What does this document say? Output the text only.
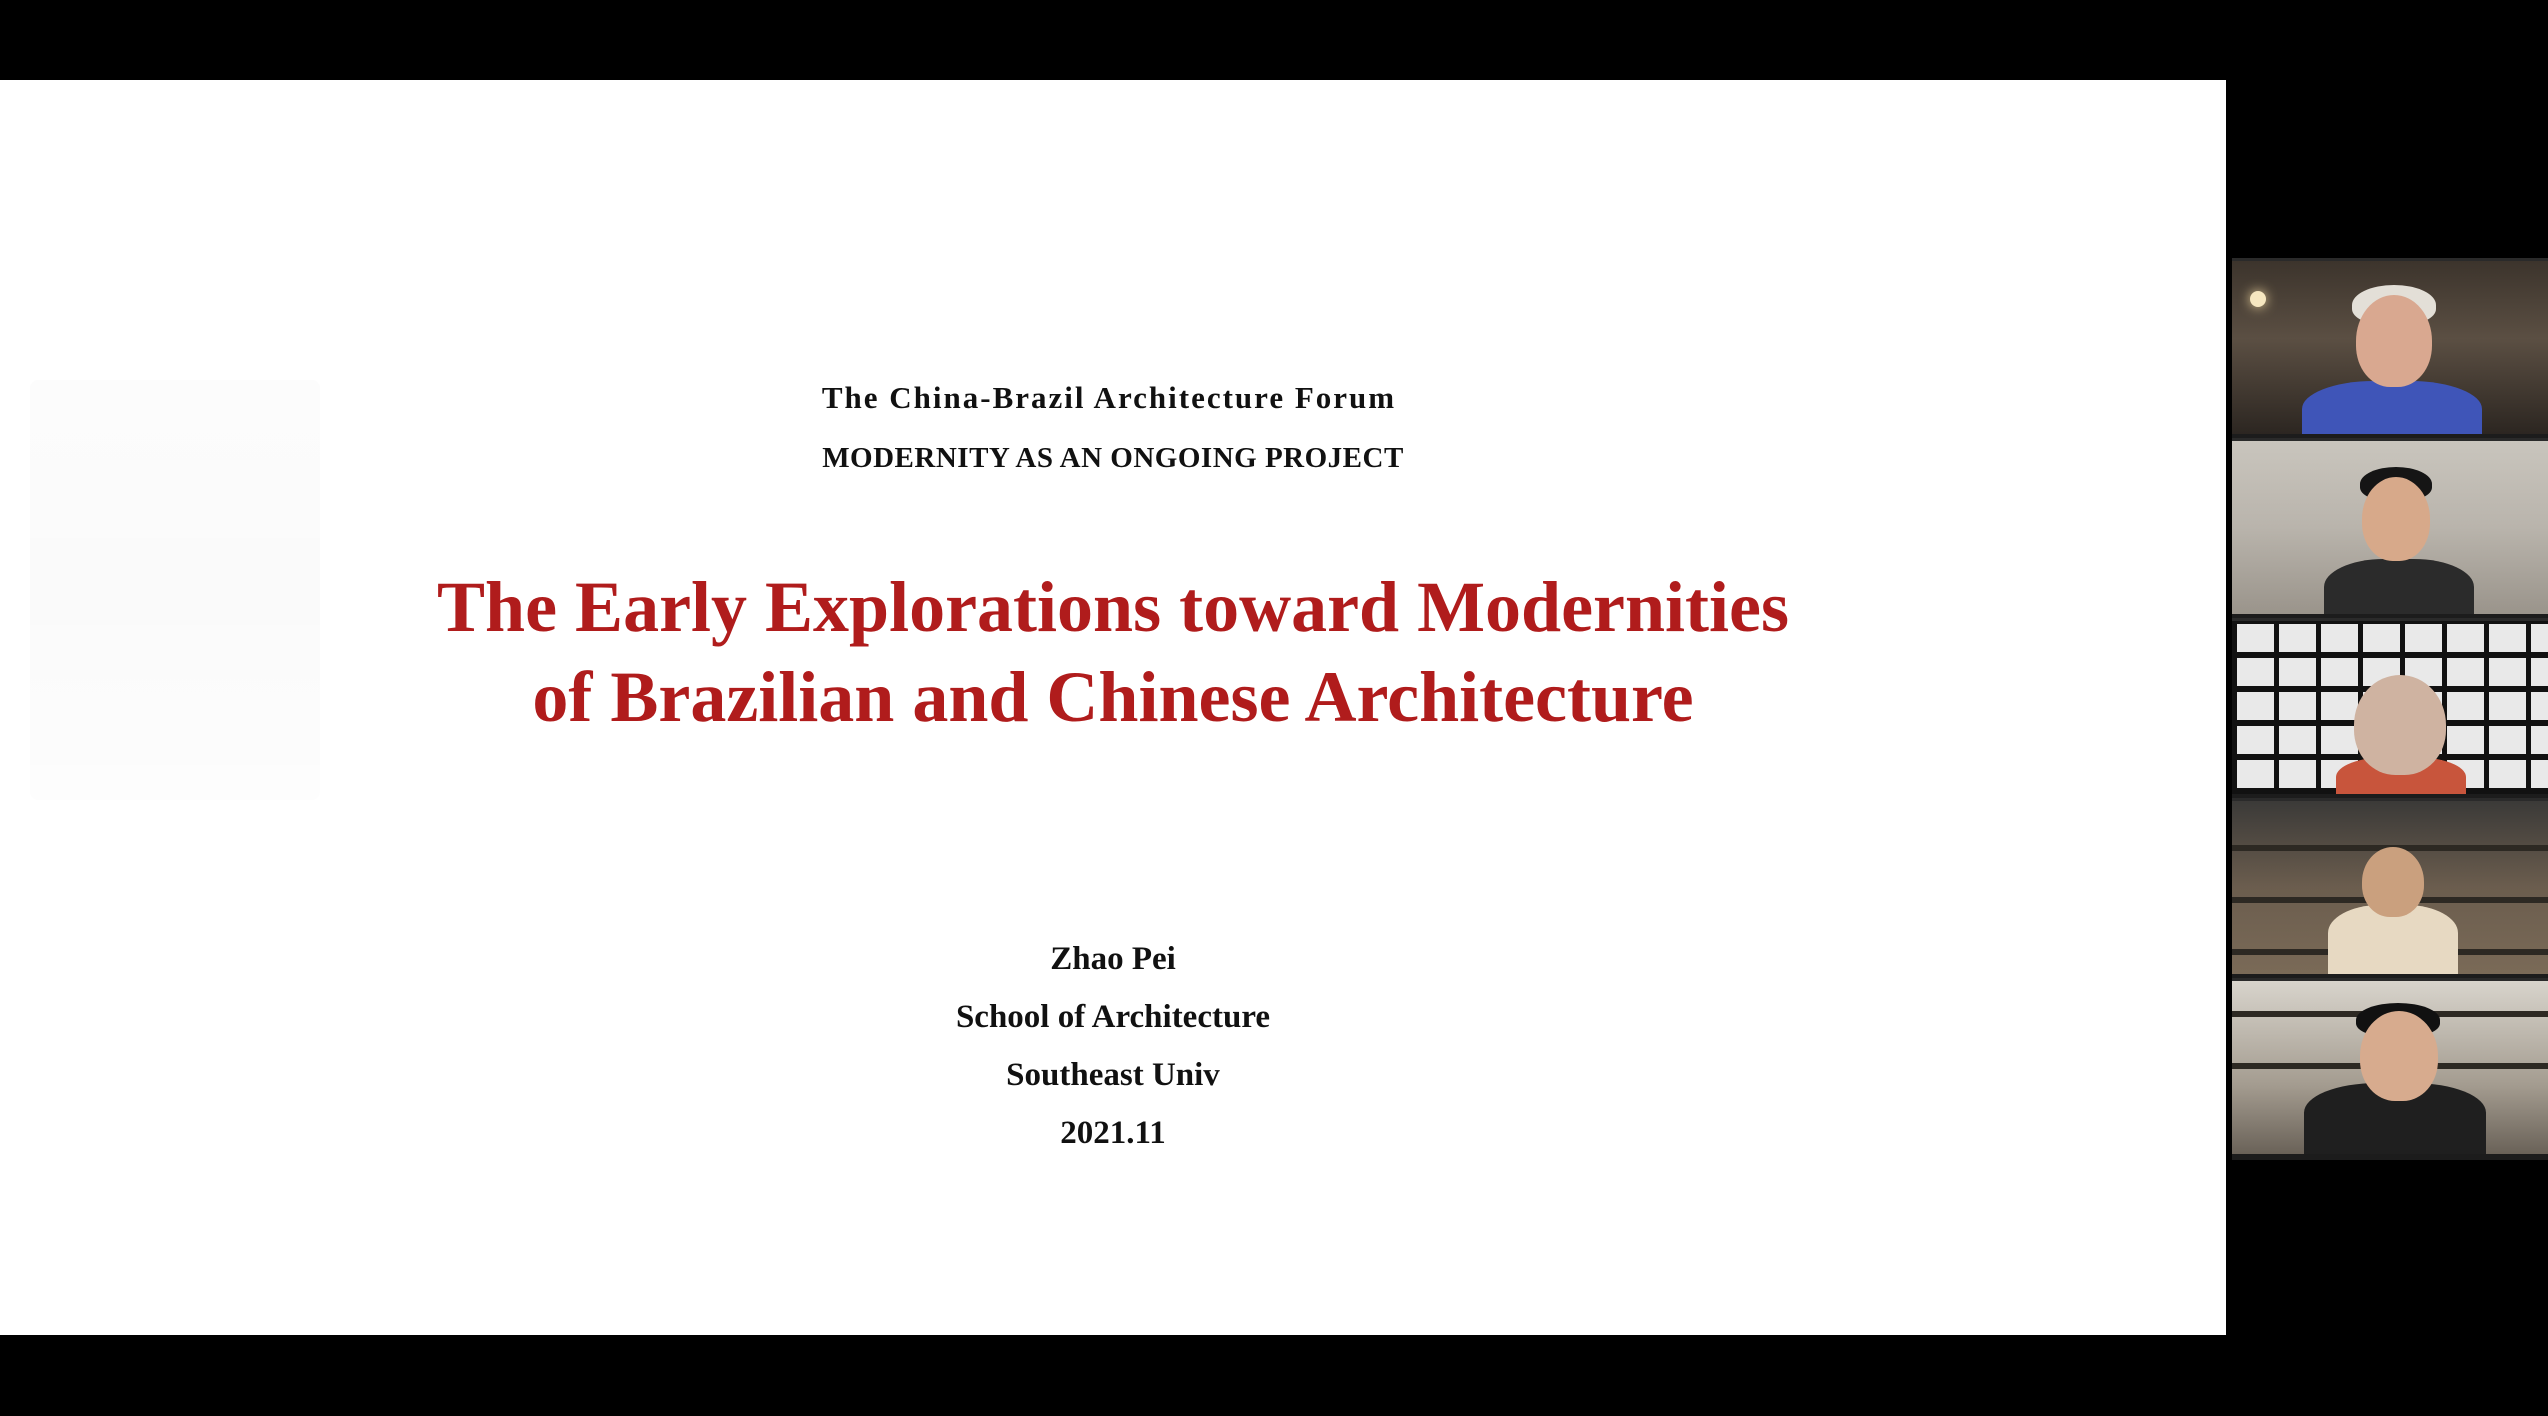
The China-Brazil Architecture Forum
MODERNITY AS AN ONGOING PROJECT
The Early Explorations toward Modernities
of Brazilian and Chinese Architecture
Zhao Pei
School of Architecture
Southeast Univ
2021.11
